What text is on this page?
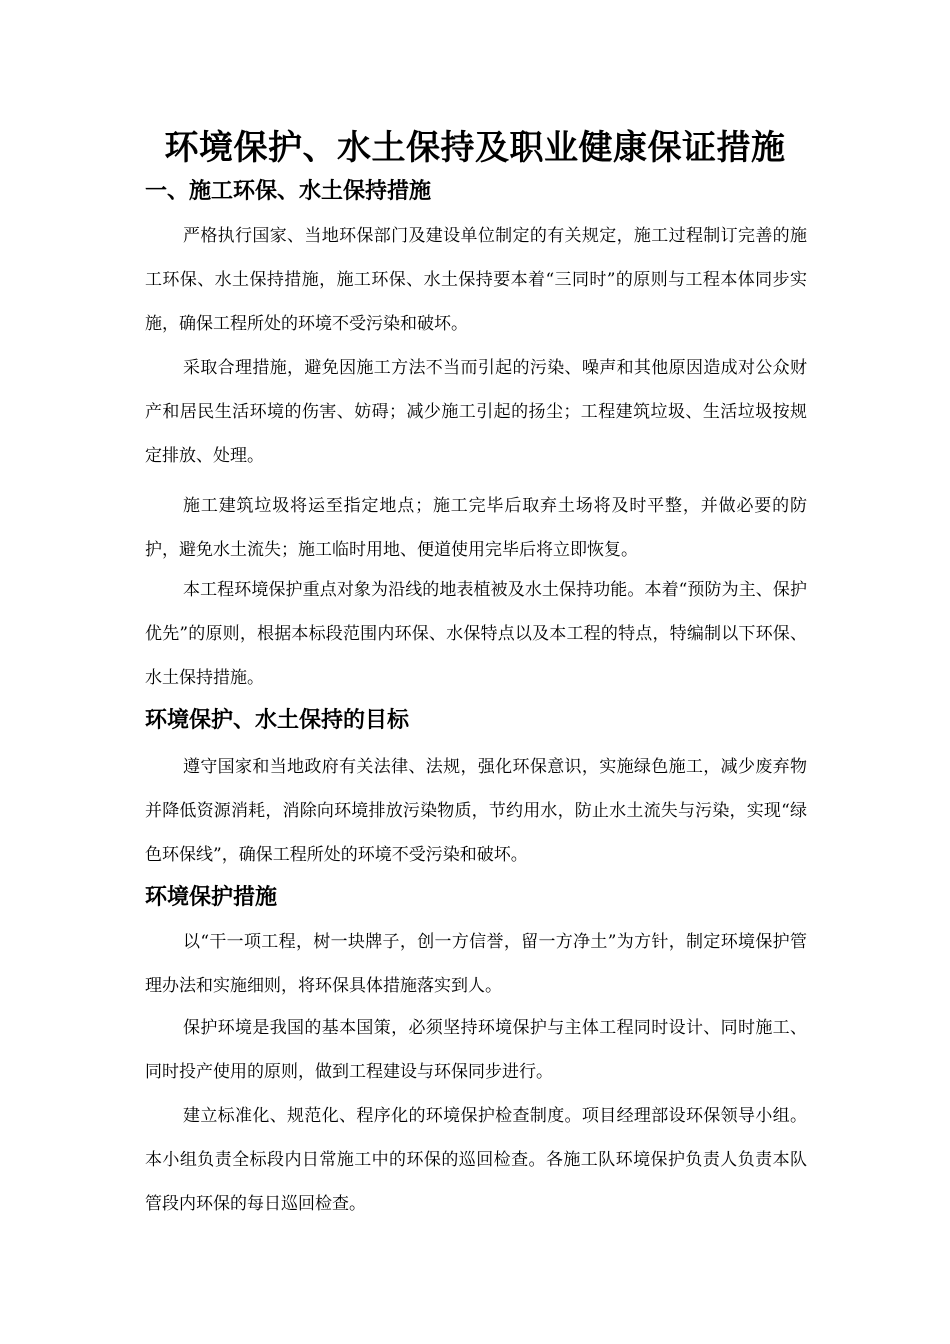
环境保护、水土保持及职业健康保证措施
一、施工环保、水土保持措施

严格执行国家、当地环保部门及建设单位制定的有关规定，施工过程制订完善的施工环保、水土保持措施，施工环保、水土保持要本着“三同时”的原则与工程本体同步实施，确保工程所处的环境不受污染和破坏。

采取合理措施，避免因施工方法不当而引起的污染、噪声和其他原因造成对公众财产和居民生活环境的伤害、妨碍；减少施工引起的扬尘；工程建筑垃圾、生活垃圾按规定排放、处理。

施工建筑垃圾将运至指定地点；施工完毕后取弃土场将及时平整，并做必要的防护，避免水土流失；施工临时用地、便道使用完毕后将立即恢复。

本工程环境保护重点对象为沿线的地表植被及水土保持功能。本着“预防为主、保护优先”的原则，根据本标段范围内环保、水保特点以及本工程的特点，特编制以下环保、水土保持措施。

环境保护、水土保持的目标

遵守国家和当地政府有关法律、法规，强化环保意识，实施绿色施工，减少废弃物并降低资源消耗，消除向环境排放污染物质，节约用水，防止水土流失与污染，实现“绿色环保线”，确保工程所处的环境不受污染和破坏。

环境保护措施

以“干一项工程，树一块牌子，创一方信誉，留一方净土”为方针，制定环境保护管理办法和实施细则，将环保具体措施落实到人。

保护环境是我国的基本国策，必须坚持环境保护与主体工程同时设计、同时施工、同时投产使用的原则，做到工程建设与环保同步进行。

建立标准化、规范化、程序化的环境保护检查制度。项目经理部设环保领导小组。本小组负责全标段内日常施工中的环保的巡回检查。各施工队环境保护负责人负责本队管段内环保的每日巡回检查。
